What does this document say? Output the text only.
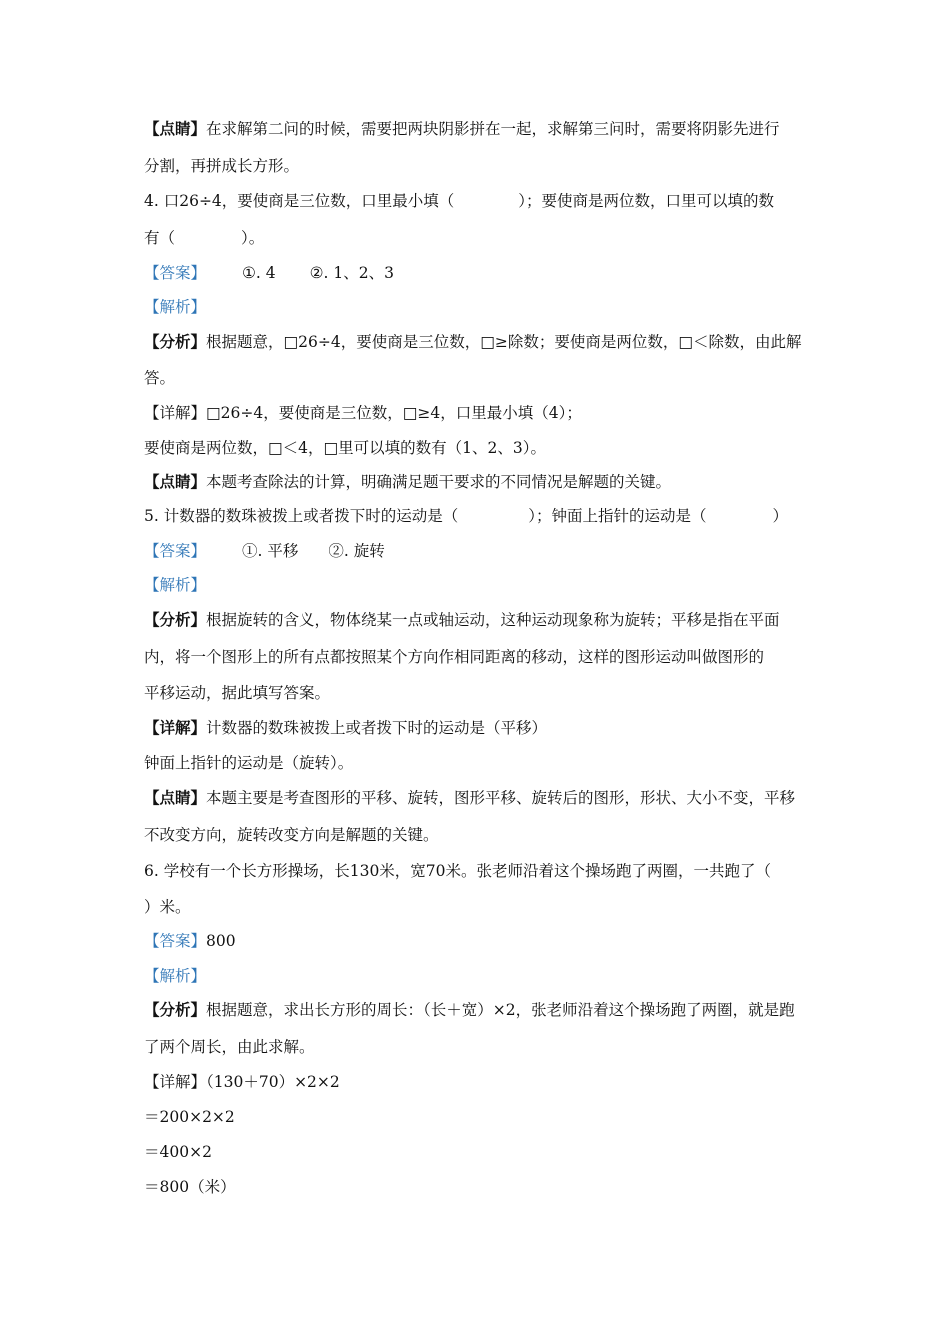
【点睛】在求解第二问的时候，需要把两块阴影拼在一起，求解第三问时，需要将阴影先进行
分割，再拼成长方形。
4. 口26÷4，要使商是三位数，口里最小填（	）；要使商是两位数，口里可以填的数
有（	）。
【答案】 ①. 4 ②. 1、2、3
【解析】
【分析】根据题意，□26÷4，要使商是三位数，□≥除数；要使商是两位数，□＜除数，由此解
答。
【详解】□26÷4，要使商是三位数，□≥4，口里最小填（4）；
要使商是两位数，□＜4，□里可以填的数有（1、2、3）。
【点睛】本题考查除法的计算，明确满足题干要求的不同情况是解题的关键。
5. 计数器的数珠被拨上或者拨下时的运动是（	）；钟面上指针的运动是（	）
【答案】 ①. 平移 ②. 旋转
【解析】
【分析】根据旋转的含义，物体绕某一点或轴运动，这种运动现象称为旋转；平移是指在平面
内，将一个图形上的所有点都按照某个方向作相同距离的移动，这样的图形运动叫做图形的
平移运动，据此填写答案。
【详解】计数器的数珠被拨上或者拨下时的运动是（平移）
钟面上指针的运动是（旋转）。
【点睛】本题主要是考查图形的平移、旋转，图形平移、旋转后的图形，形状、大小不变，平移
不改变方向，旋转改变方向是解题的关键。
6. 学校有一个长方形操场，长130米，宽70米。张老师沿着这个操场跑了两圈，一共跑了（
）米。
【答案】800
【解析】
【分析】根据题意，求出长方形的周长：（长＋宽）×2，张老师沿着这个操场跑了两圈，就是跑
了两个周长，由此求解。
【详解】（130＋70）×2×2
＝200×2×2
＝400×2
＝800（米）
